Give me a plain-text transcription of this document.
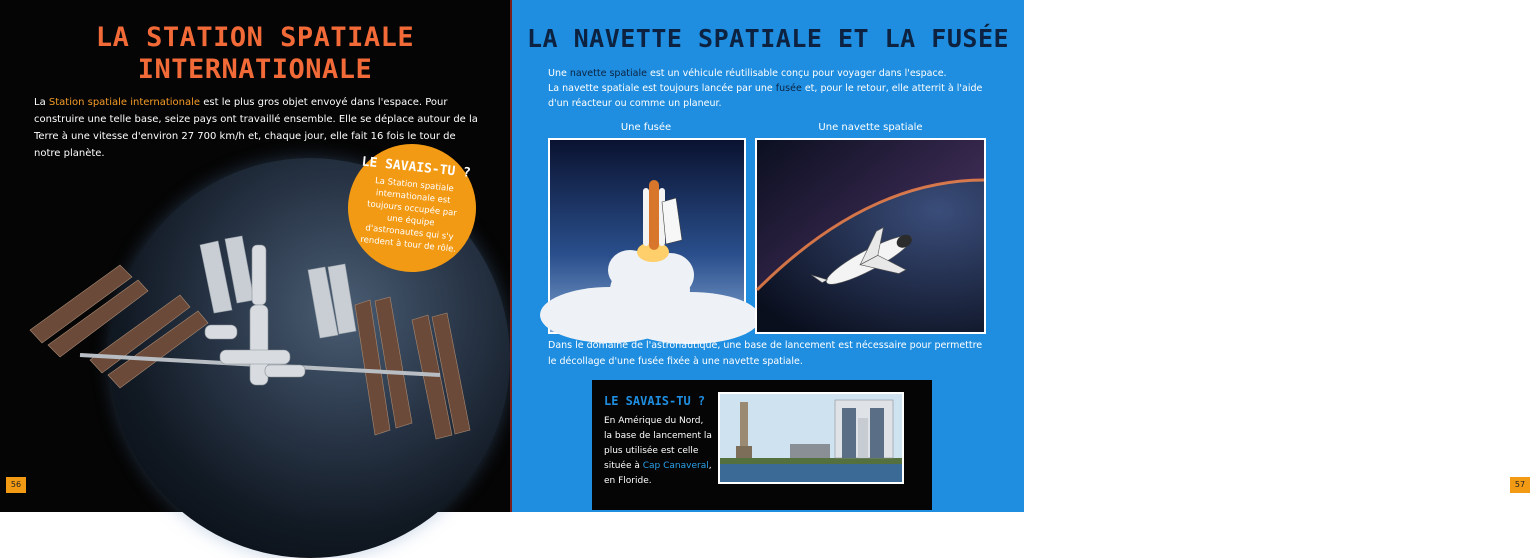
LA STATION SPATIALE
INTERNATIONALE

La Station spatiale internationale est le plus gros objet envoyé dans l'espace. Pour construire une telle base, seize pays ont travaillé ensemble. Elle se déplace autour de la Terre à une vitesse d'environ 27 700 km/h et, chaque jour, elle fait 16 fois le tour de notre planète.

LE SAVAIS-TU ?
La Station spatiale internationale est toujours occupée par une équipe d'astronautes qui s'y rendent à tour de rôle.
56
LA NAVETTE SPATIALE ET LA FUSÉE

Une navette spatiale est un véhicule réutilisable conçu pour voyager dans l'espace.
La navette spatiale est toujours lancée par une fusée et, pour le retour, elle atterrit à l'aide d'un réacteur ou comme un planeur.

Une fusée	Une navette spatiale

Dans le domaine de l'astronautique, une base de lancement est nécessaire pour permettre le décollage d'une fusée fixée à une navette spatiale.

LE SAVAIS-TU ?

En Amérique du Nord, la base de lancement la plus utilisée est celle située à Cap Canaveral, en Floride.	57
